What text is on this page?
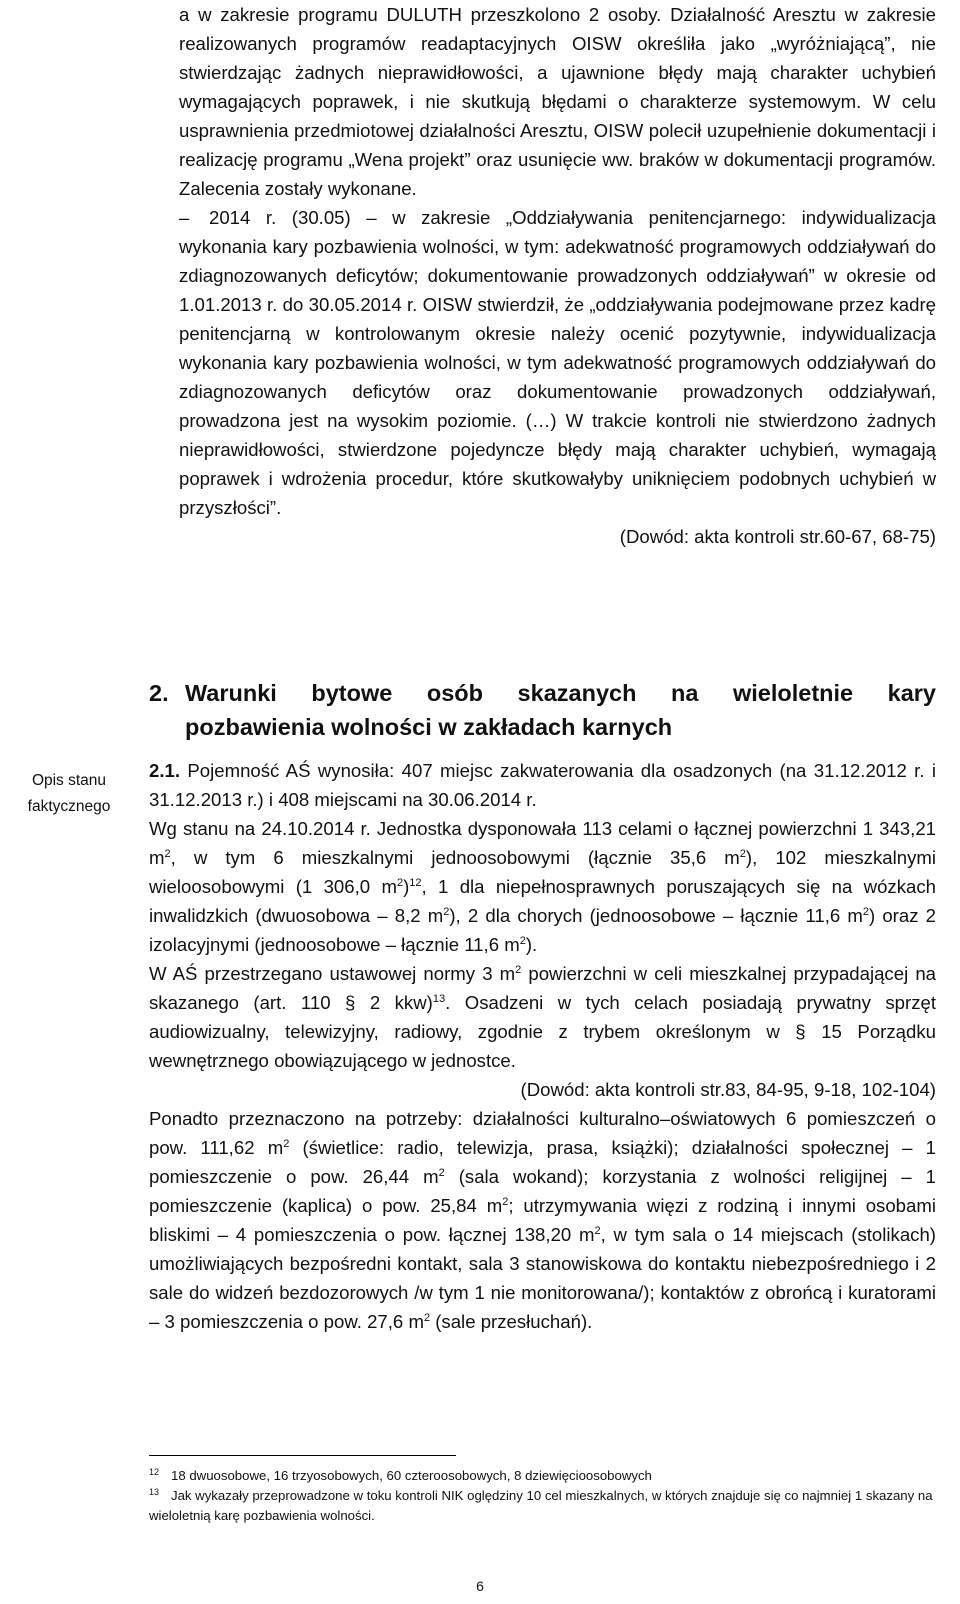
a w zakresie programu DULUTH przeszkolono 2 osoby. Działalność Aresztu w zakresie realizowanych programów readaptacyjnych OISW określiła jako „wyróżniającą”, nie stwierdzając żadnych nieprawidłowości, a ujawnione błędy mają charakter uchybień wymagających poprawek, i nie skutkują błędami o charakterze systemowym. W celu usprawnienia przedmiotowej działalności Aresztu, OISW polecił uzupełnienie dokumentacji i realizację programu „Wena projekt” oraz usunięcie ww. braków w dokumentacji programów. Zalecenia zostały wykonane.

– 2014 r. (30.05) – w zakresie „Oddziaływania penitencjarnego: indywidualizacja wykonania kary pozbawienia wolności, w tym: adekwatność programowych oddziaływań do zdiagnozowanych deficytów; dokumentowanie prowadzonych oddziaływań” w okresie od 1.01.2013 r. do 30.05.2014 r. OISW stwierdził, że „oddziaływania podejmowane przez kadrę penitencjarną w kontrolowanym okresie należy ocenić pozytywnie, indywidualizacja wykonania kary pozbawienia wolności, w tym adekwatność programowych oddziaływań do zdiagnozowanych deficytów oraz dokumentowanie prowadzonych oddziaływań, prowadzona jest na wysokim poziomie. (…) W trakcie kontroli nie stwierdzono żadnych nieprawidłowości, stwierdzone pojedyncze błędy mają charakter uchybień, wymagają poprawek i wdrożenia procedur, które skutkowałyby uniknięciem podobnych uchybień w przyszłości”.

(Dowód: akta kontroli str.60-67, 68-75)

2. Warunki bytowe osób skazanych na wieloletnie kary
pozbawienia wolności w zakładach karnych
Opis stanu
faktycznego

2.1. Pojemność AŚ wynosiła: 407 miejsc zakwaterowania dla osadzonych (na 31.12.2012 r. i 31.12.2013 r.) i 408 miejscami na 30.06.2014 r.

Wg stanu na 24.10.2014 r. Jednostka dysponowała 113 celami o łącznej powierzchni 1 343,21 $m^2$, w tym 6 mieszkalnymi jednoosobowymi (łącznie 35,6 $m^2$), 102 mieszkalnymi wieloosobowymi (1 306,0 $m^2)^{12}$, 1 dla niepełnosprawnych poruszających się na wózkach inwalidzkich (dwuosobowa – 8,2 $m^2$), 2 dla chorych (jednoosobowe – łącznie 11,6 $m^2$) oraz 2 izolacyjnymi (jednoosobowe – łącznie 11,6 $m^2$).

W AŚ przestrzegano ustawowej normy 3 $m^2$ powierzchni w celi mieszkalnej przypadającej na skazanego (art. 110 § 2 kkw)$^{13}$. Osadzeni w tych celach posiadają prywatny sprzęt audiowizualny, telewizyjny, radiowy, zgodnie z trybem określonym w § 15 Porządku wewnętrznego obowiązującego w jednostce.

(Dowód: akta kontroli str.83, 84-95, 9-18, 102-104)

Ponadto przeznaczono na potrzeby: działalności kulturalno–oświatowych 6 pomieszczeń o pow. 111,62 $m^2$ (świetlice: radio, telewizja, prasa, książki); działalności społecznej – 1 pomieszczenie o pow. 26,44 $m^2$ (sala wokand); korzystania z wolności religijnej – 1 pomieszczenie (kaplica) o pow. 25,84 $m^2$; utrzymywania więzi z rodziną i innymi osobami bliskimi – 4 pomieszczenia o pow. łącznej 138,20 $m^2$, w tym sala o 14 miejscach (stolikach) umożliwiających bezpośredni kontakt, sala 3 stanowiskowa do kontaktu niebezpośredniego i 2 sale do widzeń bezdozorowych /w tym 1 nie monitorowana/); kontaktów z obrońcą i kuratorami – 3 pomieszczenia o pow. 27,6 $m^2$ (sale przesłuchań).

$^{12}$ 18 dwuosobowe, 16 trzyosobowych, 60 czteroosobowych, 8 dziewięcioosobowych

$^{13}$ Jak wykazały przeprowadzone w toku kontroli NIK oględziny 10 cel mieszkalnych, w których znajduje się co najmniej 1 skazany na wieloletnią karę pozbawienia wolności.

6
